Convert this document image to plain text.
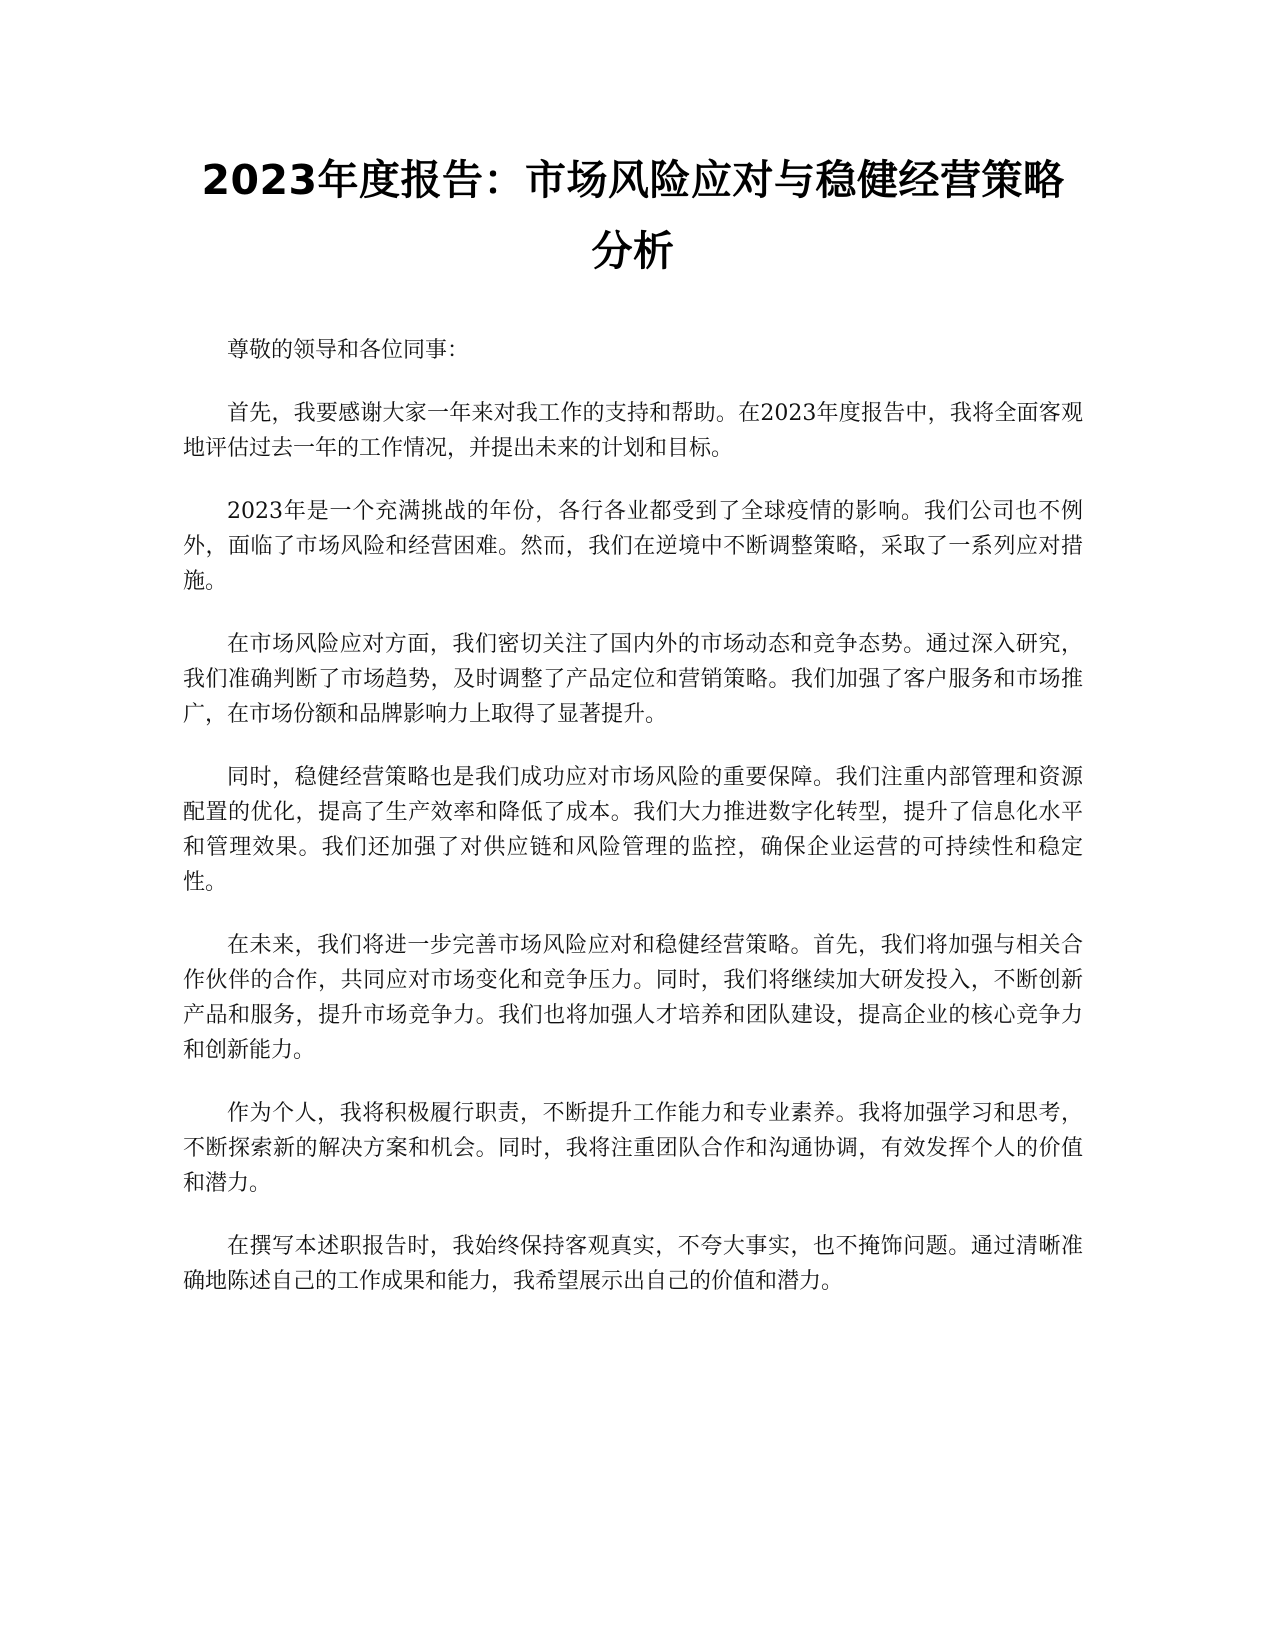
2023年度报告：市场风险应对与稳健经营策略分析

尊敬的领导和各位同事：

首先，我要感谢大家一年来对我工作的支持和帮助。在2023年度报告中，我将全面客观地评估过去一年的工作情况，并提出未来的计划和目标。

2023年是一个充满挑战的年份，各行各业都受到了全球疫情的影响。我们公司也不例外，面临了市场风险和经营困难。然而，我们在逆境中不断调整策略，采取了一系列应对措施。

在市场风险应对方面，我们密切关注了国内外的市场动态和竞争态势。通过深入研究，我们准确判断了市场趋势，及时调整了产品定位和营销策略。我们加强了客户服务和市场推广，在市场份额和品牌影响力上取得了显著提升。

同时，稳健经营策略也是我们成功应对市场风险的重要保障。我们注重内部管理和资源配置的优化，提高了生产效率和降低了成本。我们大力推进数字化转型，提升了信息化水平和管理效果。我们还加强了对供应链和风险管理的监控，确保企业运营的可持续性和稳定性。

在未来，我们将进一步完善市场风险应对和稳健经营策略。首先，我们将加强与相关合作伙伴的合作，共同应对市场变化和竞争压力。同时，我们将继续加大研发投入，不断创新产品和服务，提升市场竞争力。我们也将加强人才培养和团队建设，提高企业的核心竞争力和创新能力。

作为个人，我将积极履行职责，不断提升工作能力和专业素养。我将加强学习和思考，不断探索新的解决方案和机会。同时，我将注重团队合作和沟通协调，有效发挥个人的价值和潜力。

在撰写本述职报告时，我始终保持客观真实，不夸大事实，也不掩饰问题。通过清晰准确地陈述自己的工作成果和能力，我希望展示出自己的价值和潜力。
